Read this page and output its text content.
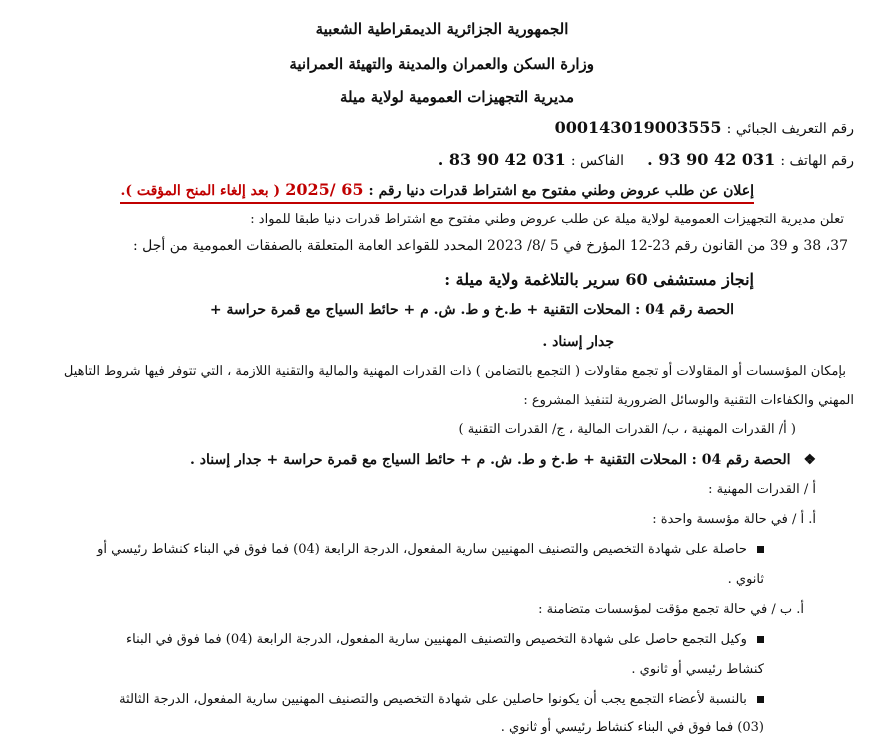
الجمهورية الجزائرية الديمقراطية الشعبية
وزارة السكن والعمران والمدينة والتهيئة العمرانية
مديرية التجهيزات العمومية لولاية ميلة
رقم التعريف الجبائي : 000143019003555
رقم الهاتف : 031 42 90 93 . الفاكس : 031 42 90 83 .
إعلان عن طلب عروض وطني مفتوح مع اشتراط قدرات دنيا رقم : 65 /2025 ( بعد إلغاء المنح المؤقت ).
تعلن مديرية التجهيزات العمومية لولاية ميلة عن طلب عروض وطني مفتوح مع اشتراط قدرات دنيا طبقا للمواد :
37، 38 و 39 من القانون رقم 23-12 المؤرخ في 5 /8/ 2023 المحدد للقواعد العامة المتعلقة بالصفقات العمومية من أجل :
إنجاز مستشفى 60 سرير بالتلاغمة ولاية ميلة :
الحصة رقم 04 : المحلات التقنية + ط.خ و ط. ش. م + حائط السياج مع قمرة حراسة +
جدار إسناد .
بإمكان المؤسسات أو المقاولات أو تجمع مقاولات ( التجمع بالتضامن ) ذات القدرات المهنية والمالية والتقنية اللازمة ، التي تتوفر فيها شروط التاهيل
المهني والكفاءات التقنية والوسائل الضرورية لتنفيذ المشروع :
( أ/ القدرات المهنية ، ب/ القدرات المالية ، ج/ القدرات التقنية )
❖ الحصة رقم 04 : المحلات التقنية + ط.خ و ط. ش. م + حائط السياج مع قمرة حراسة + جدار إسناد .
أ / القدرات المهنية :
أ. أ / في حالة مؤسسة واحدة :
حاصلة على شهادة التخصيص والتصنيف المهنيين سارية المفعول، الدرجة الرابعة (04) فما فوق في البناء كنشاط رئيسي أو
ثانوي .
أ. ب / في حالة تجمع مؤقت لمؤسسات متضامنة :
وكيل التجمع حاصل على شهادة التخصيص والتصنيف المهنيين سارية المفعول، الدرجة الرابعة (04) فما فوق في البناء
كنشاط رئيسي أو ثانوي .
بالنسبة لأعضاء التجمع يجب أن يكونوا حاصلين على شهادة التخصيص والتصنيف المهنيين سارية المفعول، الدرجة الثالثة
(03) فما فوق في البناء كنشاط رئيسي أو ثانوي .
